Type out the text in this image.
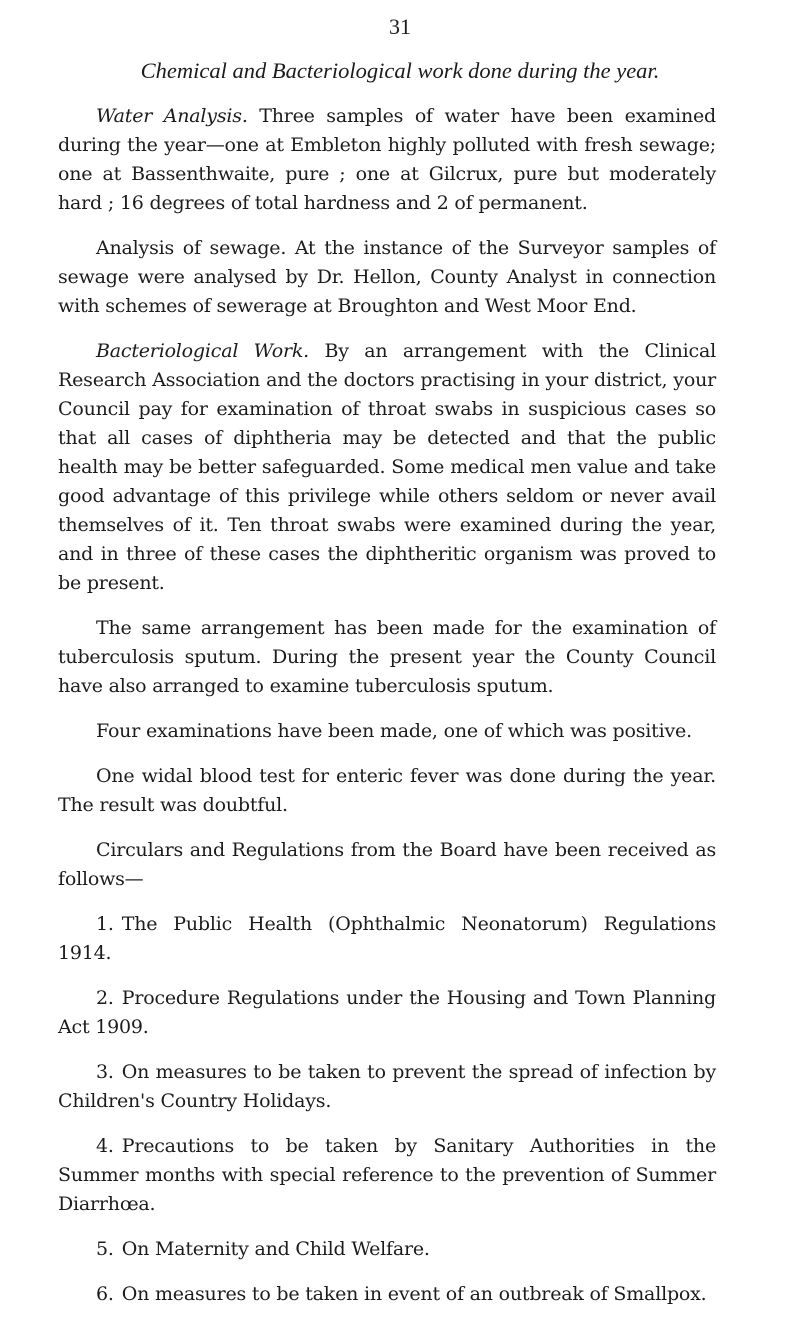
31
Chemical and Bacteriological work done during the year.

Water Analysis. Three samples of water have been examined during the year—one at Embleton highly polluted with fresh sewage; one at Bassenthwaite, pure ; one at Gilcrux, pure but moderately hard ; 16 degrees of total hardness and 2 of permanent.

Analysis of sewage. At the instance of the Surveyor samples of sewage were analysed by Dr. Hellon, County Analyst in connection with schemes of sewerage at Broughton and West Moor End.

Bacteriological Work. By an arrangement with the Clinical Research Association and the doctors practising in your district, your Council pay for examination of throat swabs in suspicious cases so that all cases of diphtheria may be detected and that the public health may be better safeguarded. Some medical men value and take good advantage of this privilege while others seldom or never avail themselves of it. Ten throat swabs were examined during the year, and in three of these cases the diphtheritic organism was proved to be present.

The same arrangement has been made for the examination of tuberculosis sputum. During the present year the County Council have also arranged to examine tuberculosis sputum.

Four examinations have been made, one of which was positive.

One widal blood test for enteric fever was done during the year. The result was doubtful.

Circulars and Regulations from the Board have been received as follows—

1. The Public Health (Ophthalmic Neonatorum) Regulations 1914.
2. Procedure Regulations under the Housing and Town Planning Act 1909.
3. On measures to be taken to prevent the spread of infection by Children's Country Holidays.
4. Precautions to be taken by Sanitary Authorities in the Summer months with special reference to the prevention of Summer Diarrhœa.
5. On Maternity and Child Welfare.
6. On measures to be taken in event of an outbreak of Smallpox.
